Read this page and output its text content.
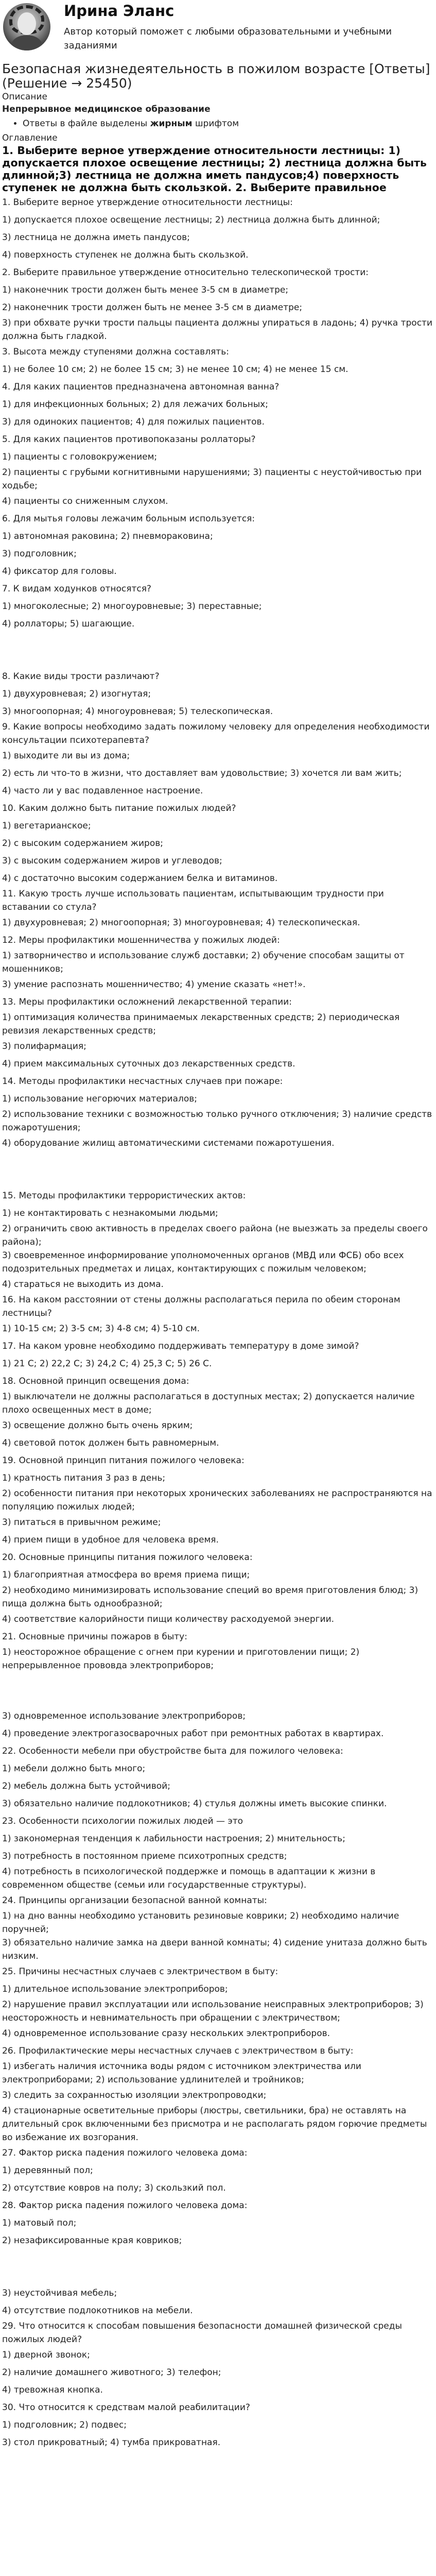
Ирина Эланс
Автор который поможет с любыми образовательными и учебными заданиями
Безопасная жизнедеятельность в пожилом возрасте [Ответы] (Решение → 25450)

Описание

Непрерывное медицинское образование

• Ответы в файле выделены жирным шрифтом

Оглавление

1. Выберите верное утверждение относительности лестницы: 1) допускается плохое освещение лестницы; 2) лестница должна быть длинной;3) лестница не должна иметь пандусов;4) поверхность ступенек не должна быть скользкой. 2. Выберите правильное

1. Выберите верное утверждение относительности лестницы:

1) допускается плохое освещение лестницы; 2) лестница должна быть длинной;

3) лестница не должна иметь пандусов;

4) поверхность ступенек не должна быть скользкой.

2. Выберите правильное утверждение относительно телескопической трости:

1) наконечник трости должен быть менее 3-5 см в диаметре;

2) наконечник трости должен быть не менее 3-5 см в диаметре;

3) при обхвате ручки трости пальцы пациента должны упираться в ладонь; 4) ручка трости должна быть гладкой.

3. Высота между ступенями должна составлять:

1) не более 10 см; 2) не более 15 см; 3) не менее 10 см; 4) не менее 15 см.

4. Для каких пациентов предназначена автономная ванна?

1) для инфекционных больных; 2) для лежачих больных;

3) для одиноких пациентов; 4) для пожилых пациентов.

5. Для каких пациентов противопоказаны роллаторы?

1) пациенты с головокружением;

2) пациенты с грубыми когнитивными нарушениями; 3) пациенты с неустойчивостью при ходьбе;

4) пациенты со сниженным слухом.

6. Для мытья головы лежачим больным используется:

1) автономная раковина; 2) пневмораковина;

3) подголовник;

4) фиксатор для головы.

7. К видам ходунков относятся?

1) многоколесные; 2) многоуровневые; 3) переставные;

4) роллаторы; 5) шагающие.

8. Какие виды трости различают?

1) двухуровневая; 2) изогнутая;

3) многоопорная; 4) многоуровневая; 5) телескопическая.

9. Какие вопросы необходимо задать пожилому человеку для определения необходимости консультации психотерапевта?

1) выходите ли вы из дома;

2) есть ли что-то в жизни, что доставляет вам удовольствие; 3) хочется ли вам жить;

4) часто ли у вас подавленное настроение.

10. Каким должно быть питание пожилых людей?

1) вегетарианское;

2) с высоким содержанием жиров;

3) с высоким содержанием жиров и углеводов;

4) с достаточно высоким содержанием белка и витаминов.

11. Какую трость лучше использовать пациентам, испытывающим трудности при вставании со стула?

1) двухуровневая; 2) многоопорная; 3) многоуровневая; 4) телескопическая.

12. Меры профилактики мошенничества у пожилых людей:

1) затворничество и использование служб доставки; 2) обучение способам защиты от мошенников;

3) умение распознать мошенничество; 4) умение сказать «нет!».

13. Меры профилактики осложнений лекарственной терапии:

1) оптимизация количества принимаемых лекарственных средств; 2) периодическая ревизия лекарственных средств;

3) полифармация;

4) прием максимальных суточных доз лекарственных средств.

14. Методы профилактики несчастных случаев при пожаре:

1) использование негорючих материалов;

2) использование техники с возможностью только ручного отключения; 3) наличие средств пожаротушения;

4) оборудование жилищ автоматическими системами пожаротушения.

15. Методы профилактики террористических актов:

1) не контактировать с незнакомыми людьми;

2) ограничить свою активность в пределах своего района (не выезжать за пределы своего района);

3) своевременное информирование уполномоченных органов (МВД или ФСБ) обо всех подозрительных предметах и лицах, контактирующих с пожилым человеком;

4) стараться не выходить из дома.

16. На каком расстоянии от стены должны располагаться перила по обеим сторонам лестницы?

1) 10-15 см; 2) 3-5 см; 3) 4-8 см; 4) 5-10 см.

17. На каком уровне необходимо поддерживать температуру в доме зимой?

1) 21 С; 2) 22,2 С; 3) 24,2 С; 4) 25,3 С; 5) 26 С.

18. Основной принцип освещения дома:

1) выключатели не должны располагаться в доступных местах; 2) допускается наличие плохо освещенных мест в доме;

3) освещение должно быть очень ярким;

4) световой поток должен быть равномерным.

19. Основной принцип питания пожилого человека:

1) кратность питания 3 раз в день;

2) особенности питания при некоторых хронических заболеваниях не распространяются на популяцию пожилых людей;

3) питаться в привычном режиме;

4) прием пищи в удобное для человека время.

20. Основные принципы питания пожилого человека:

1) благоприятная атмосфера во время приема пищи;

2) необходимо минимизировать использование специй во время приготовления блюд; 3) пища должна быть однообразной;

4) соответствие калорийности пищи количеству расходуемой энергии.

21. Основные причины пожаров в быту:

1) неосторожное обращение с огнем при курении и приготовлении пищи; 2) непрерывленное прововда электроприборов;

3) одновременное использование электроприборов;

4) проведение электрогазосварочных работ при ремонтных работах в квартирах.

22. Особенности мебели при обустройстве быта для пожилого человека:

1) мебели должно быть много;

2) мебель должна быть устойчивой;

3) обязательно наличие подлокотников; 4) стулья должны иметь высокие спинки.

23. Особенности психологии пожилых людей — это

1) закономерная тенденция к лабильности настроения; 2) мнительность;

3) потребность в постоянном приеме психотропных средств;

4) потребность в психологической поддержке и помощь в адаптации к жизни в современном обществе (семьи или государственные структуры).

24. Принципы организации безопасной ванной комнаты:

1) на дно ванны необходимо установить резиновые коврики; 2) необходимо наличие поручней;

3) обязательно наличие замка на двери ванной комнаты; 4) сидение унитаза должно быть низким.

25. Причины несчастных случаев с электричеством в быту:

1) длительное использование электроприборов;

2) нарушение правил эксплуатации или использование неисправных электроприборов; 3) неосторожность и невнимательность при обращении с электричеством;

4) одновременное использование сразу нескольких электроприборов.

26. Профилактические меры несчастных случаев с электричеством в быту:

1) избегать наличия источника воды рядом с источником электричества или электроприборами; 2) использование удлинителей и тройников;

3) следить за сохранностью изоляции электропроводки;

4) стационарные осветительные приборы (люстры, светильники, бра) не оставлять на длительный срок включенными без присмотра и не располагать рядом горючие предметы во избежание их возгорания.

27. Фактор риска падения пожилого человека дома:

1) деревянный пол;

2) отсутствие ковров на полу; 3) скользкий пол.

28. Фактор риска падения пожилого человека дома:

1) матовый пол;

2) незафиксированные края ковриков;

3) неустойчивая мебель;

4) отсутствие подлокотников на мебели.

29. Что относится к способам повышения безопасности домашней физической среды пожилых людей?

1) дверной звонок;

2) наличие домашнего животного; 3) телефон;

4) тревожная кнопка.

30. Что относится к средствам малой реабилитации?

1) подголовник; 2) подвес;

3) стол прикроватный; 4) тумба прикроватная.
